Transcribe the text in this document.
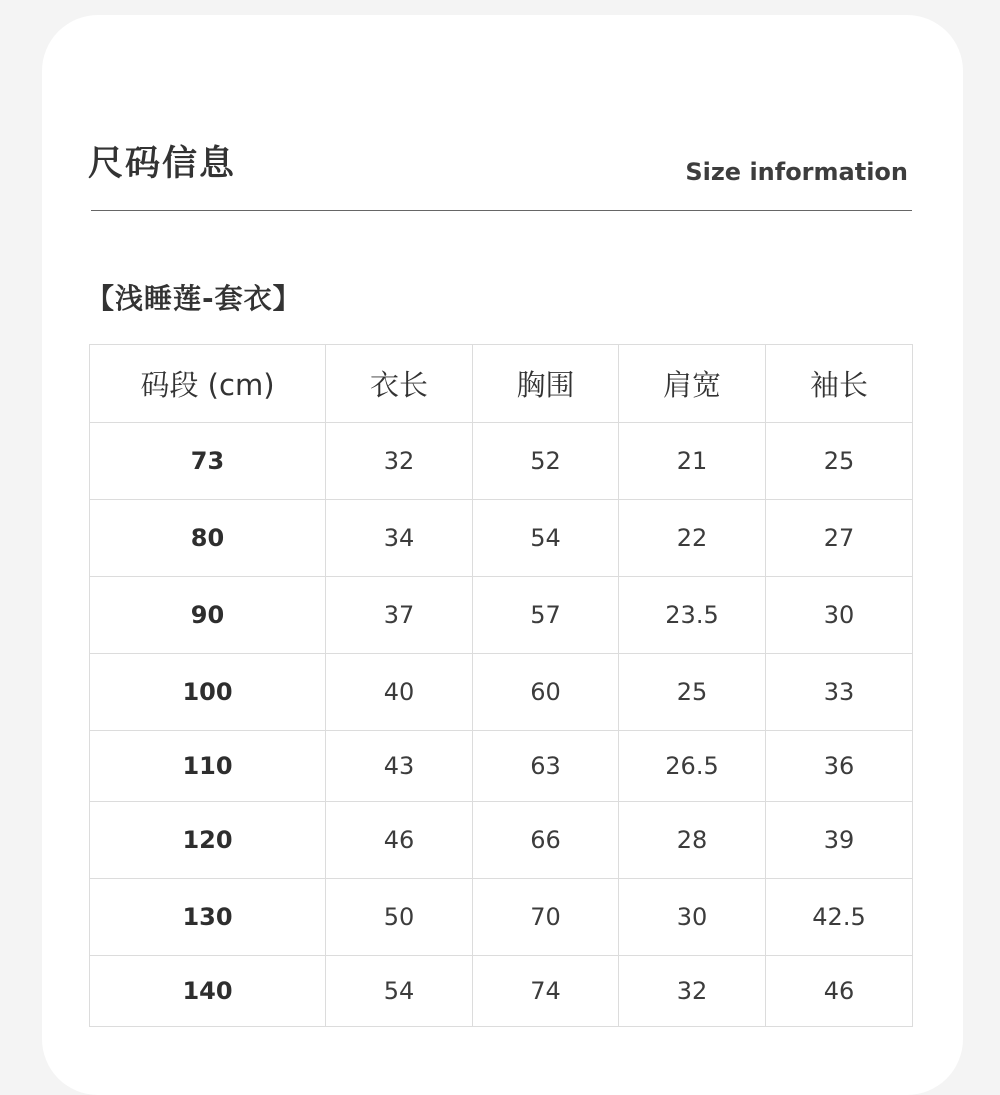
尺码信息	Size information
【浅睡莲-套衣】
码段 (cm)	衣长	胸围	肩宽	袖长
73	32	52	21	25
80	34	54	22	27
90	37	57	23.5	30
100	40	60	25	33
110	43	63	26.5	36
120	46	66	28	39
130	50	70	30	42.5
140	54	74	32	46
